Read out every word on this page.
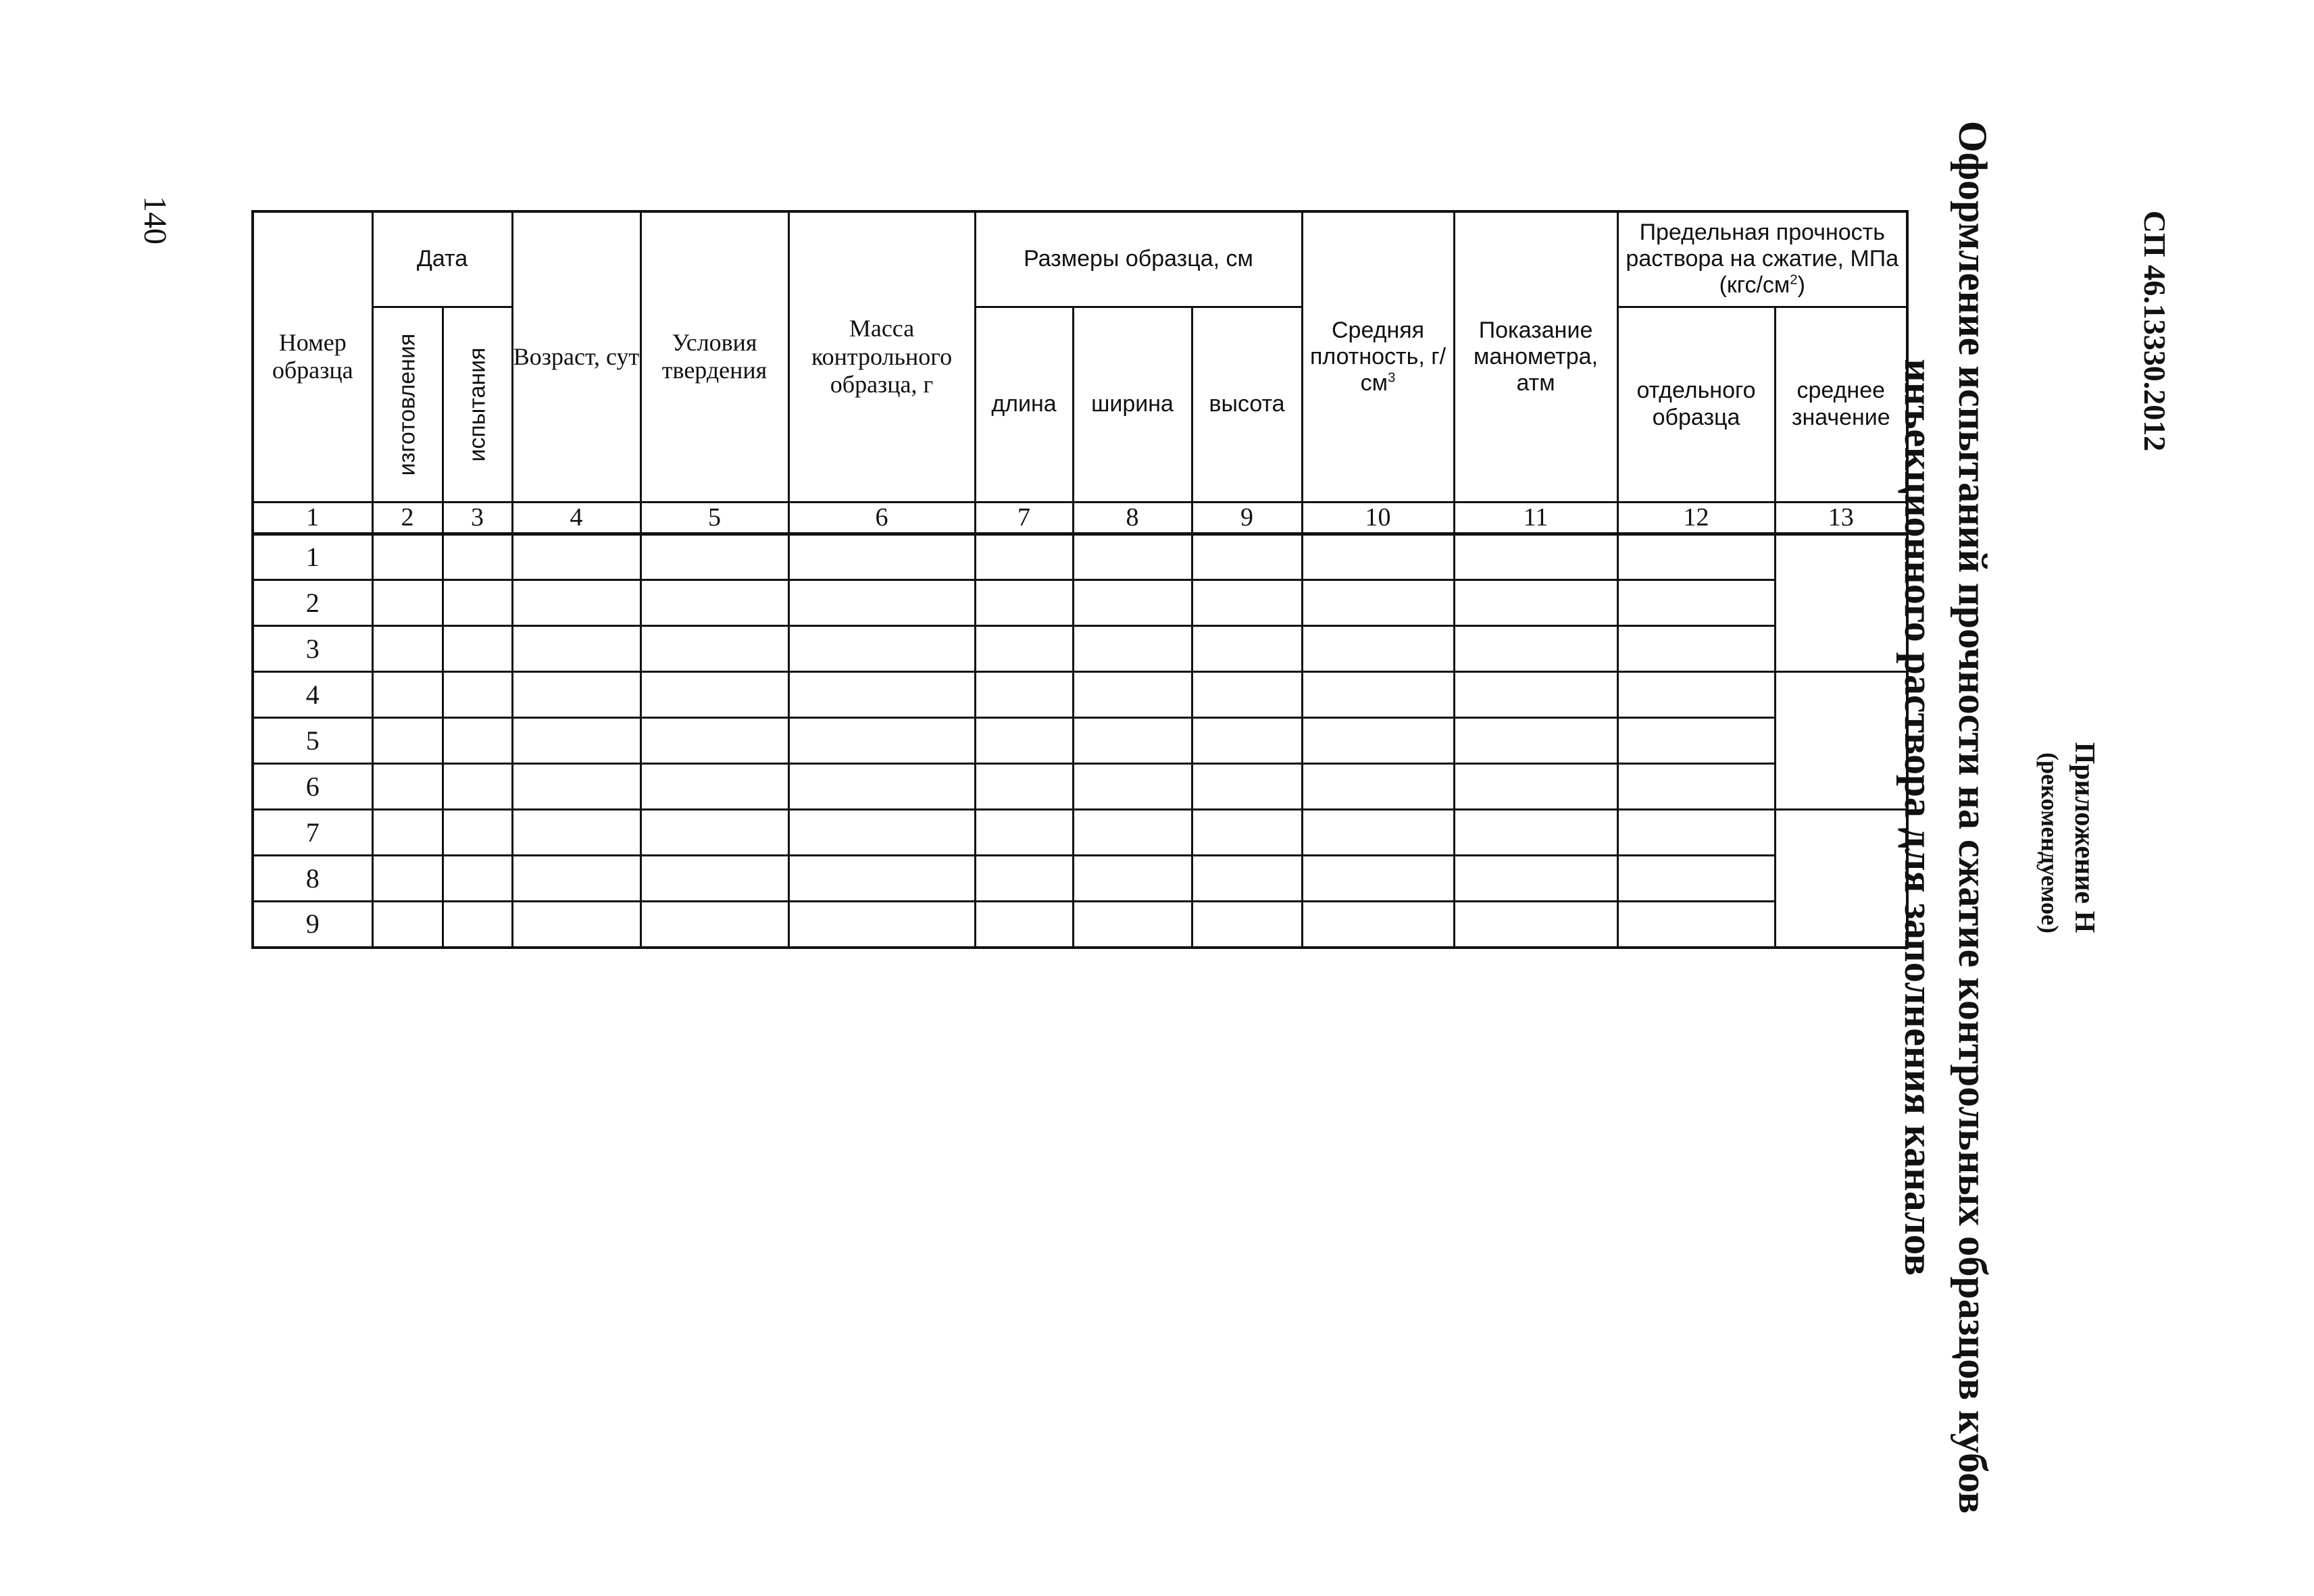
140	СП 46.13330.2012
Приложение Н
(рекомендуемое)
Оформление испытаний прочности на сжатие контрольных образцов кубов инъекционного раствора для заполнения каналов
Номер образца	Дата		Возраст, сут	Условия твердения	Масса контрольного образца, г	Размеры образца, см			Средняя плотность, $г/см^3$	Показание манометра, атм	Предельная прочность раствора на сжатие, МПа $(кгс/см^2)$	

	изготовления	испытания				длина	ширина	высота			отдельного образца	среднее значение
1	2	3	4	5	6	7	8	9	10	11	12	13
1												
2												
3												
4												
5												
6												
7												
8												
9												
